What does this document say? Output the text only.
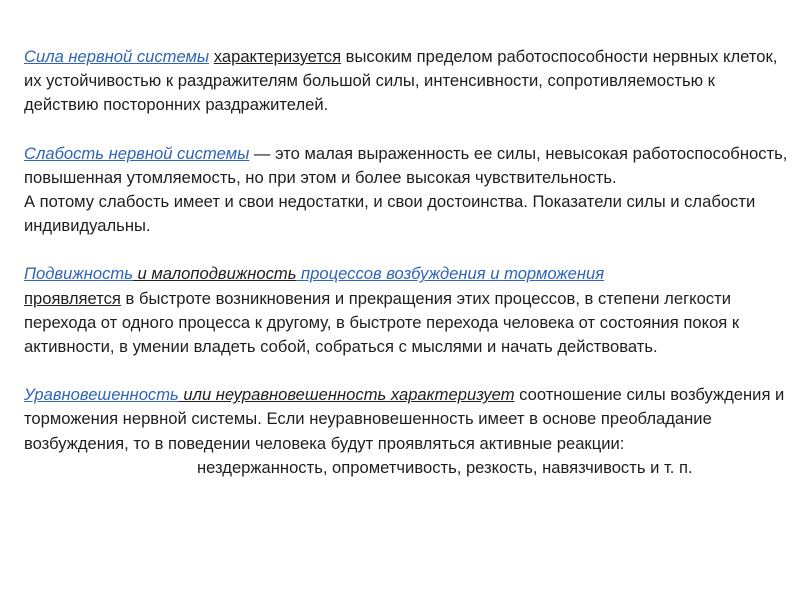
Сила нервной системы характеризуется высоким пределом работоспособности нервных клеток, их устойчивостью к раздражителям большой силы, интенсивности, сопротивляемостью к действию посторонних раздражителей.

Слабость нервной системы — это малая выраженность ее силы, невысокая работоспособность, повышенная утомляемость, но при этом и более высокая чувствительность.

А потому слабость имеет и свои недостатки, и свои достоинства. Показатели силы и слабости индивидуальны.

Подвижность и малоподвижность процессов возбуждения и торможения
проявляется в быстроте возникновения и прекращения этих процессов, в степени легкости перехода от одного процесса к другому, в быстроте перехода человека от состояния покоя к активности, в умении владеть собой, собраться с мыслями и начать действовать.

Уравновешенность или неуравновешенность характеризует соотношение силы возбуждения и торможения нервной системы. Если неуравновешенность имеет в основе преобладание возбуждения, то в поведении человека будут проявляться активные реакции:

нездержанность, опрометчивость, резкость, навязчивость и т. п.
